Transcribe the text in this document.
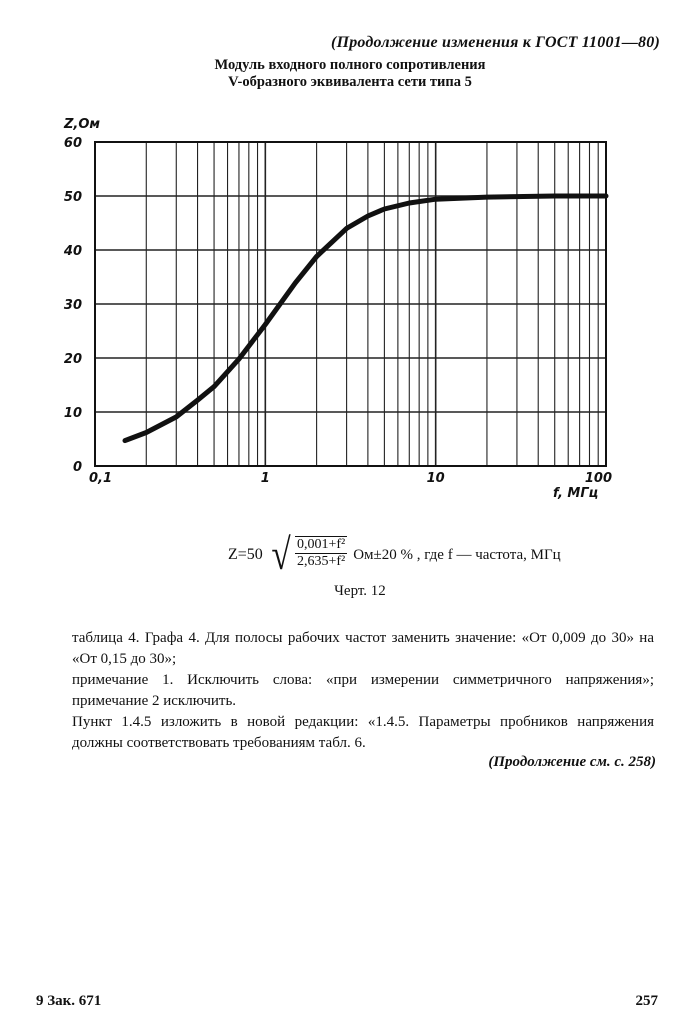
(Продолжение изменения к ГОСТ 11001—80)
Модуль входного полного сопротивления
V-образного эквивалента сети типа 5
0
10
20
30
40
50
60
0,1	1	10	100
Z,Ом
f, МГц
Z=50 √ $\frac{\text{0,001+f²}}{\text{2,635+f²}} Ом\pm 20$ % , где f — частота, МГц
Черт. 12

таблица 4. Графа 4. Для полосы рабочих частот заменить значение: «От 0,009 до 30» на «От 0,15 до 30»;

примечание 1. Исключить слова: «при измерении симметричного напряжения»; примечание 2 исключить.

Пункт 1.4.5 изложить в новой редакции: «1.4.5. Параметры пробников напряжения должны соответствовать требованиям табл. 6.

(Продолжение см. с. 258)
9 Зак. 671	257
